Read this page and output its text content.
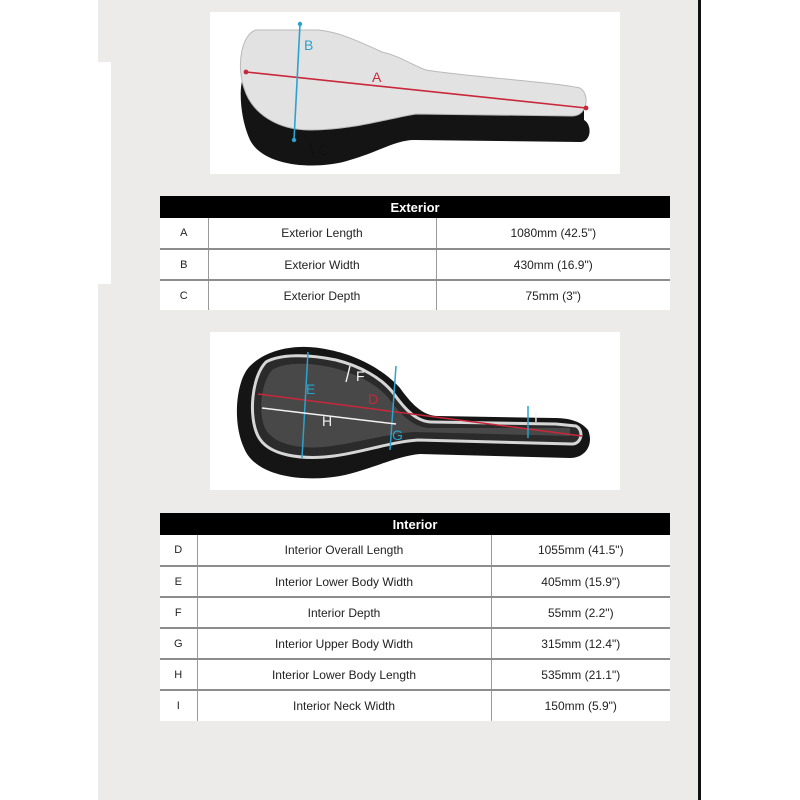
A
B
C
Exterior		
A	Exterior Length	1080mm (42.5")
B	Exterior Width	430mm (16.9")
C	Exterior Depth	75mm (3")
D
E
G
H
F
I
Interior		
D	Interior Overall Length	1055mm (41.5")
E	Interior Lower Body Width	405mm (15.9")
F	Interior Depth	55mm (2.2")
G	Interior Upper Body Width	315mm (12.4")
H	Interior Lower Body Length	535mm (21.1")
I	Interior Neck Width	150mm (5.9")
